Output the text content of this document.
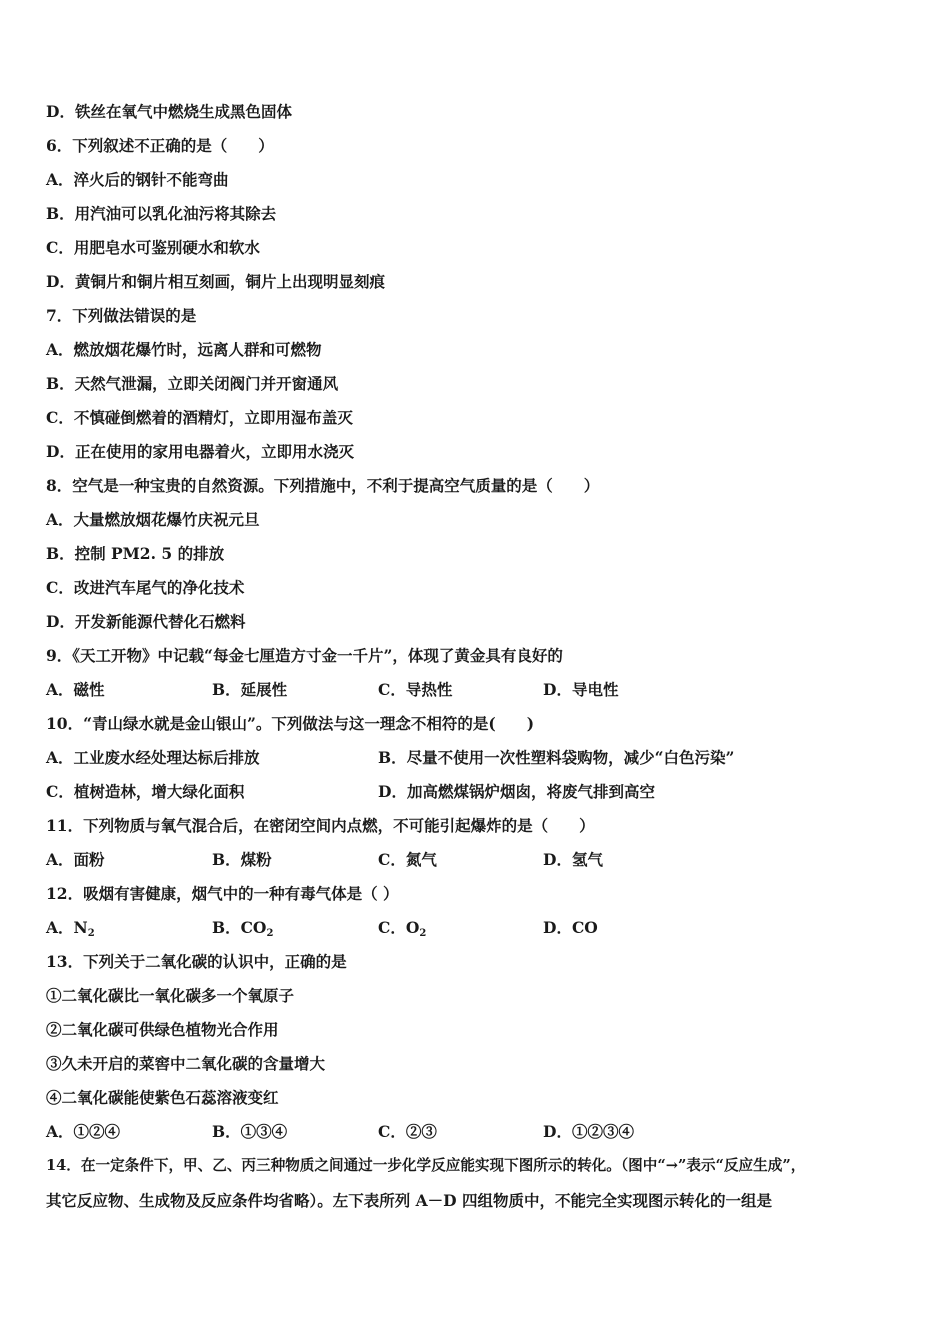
D．铁丝在氧气中燃烧生成黑色固体
6．下列叙述不正确的是（　　）
A．淬火后的钢针不能弯曲
B．用汽油可以乳化油污将其除去
C．用肥皂水可鉴别硬水和软水
D．黄铜片和铜片相互刻画，铜片上出现明显刻痕
7．下列做法错误的是
A．燃放烟花爆竹时，远离人群和可燃物
B．天然气泄漏，立即关闭阀门并开窗通风
C．不慎碰倒燃着的酒精灯，立即用湿布盖灭
D．正在使用的家用电器着火，立即用水浇灭
8．空气是一种宝贵的自然资源。下列措施中，不利于提高空气质量的是（　　）
A．大量燃放烟花爆竹庆祝元旦
B．控制 PM2. 5 的排放
C．改进汽车尾气的净化技术
D．开发新能源代替化石燃料
9．《天工开物》中记载“每金七厘造方寸金一千片”，体现了黄金具有良好的
A．磁性	B．延展性	C．导热性	D．导电性
10．“青山绿水就是金山银山”。下列做法与这一理念不相符的是(　　)
A．工业废水经处理达标后排放	B．尽量不使用一次性塑料袋购物，减少“白色污染”
C．植树造林，增大绿化面积	D．加高燃煤锅炉烟囱，将废气排到高空
11．下列物质与氧气混合后，在密闭空间内点燃，不可能引起爆炸的是（　　）
A．面粉	B．煤粉	C．氮气	D．氢气
12．吸烟有害健康，烟气中的一种有毒气体是（ ）
A．$N_2$	B．$CO_2$	C．$O_2$	D．CO
13．下列关于二氧化碳的认识中，正确的是
①二氧化碳比一氧化碳多一个氧原子
②二氧化碳可供绿色植物光合作用
③久未开启的菜窖中二氧化碳的含量增大
④二氧化碳能使紫色石蕊溶液变红
A．①②④	B．①③④	C．②③	D．①②③④
14．在一定条件下，甲、乙、丙三种物质之间通过一步化学反应能实现下图所示的转化。（图中“→”表示“反应生成”，
其它反应物、生成物及反应条件均省略）。左下表所列 A－D 四组物质中，不能完全实现图示转化的一组是
